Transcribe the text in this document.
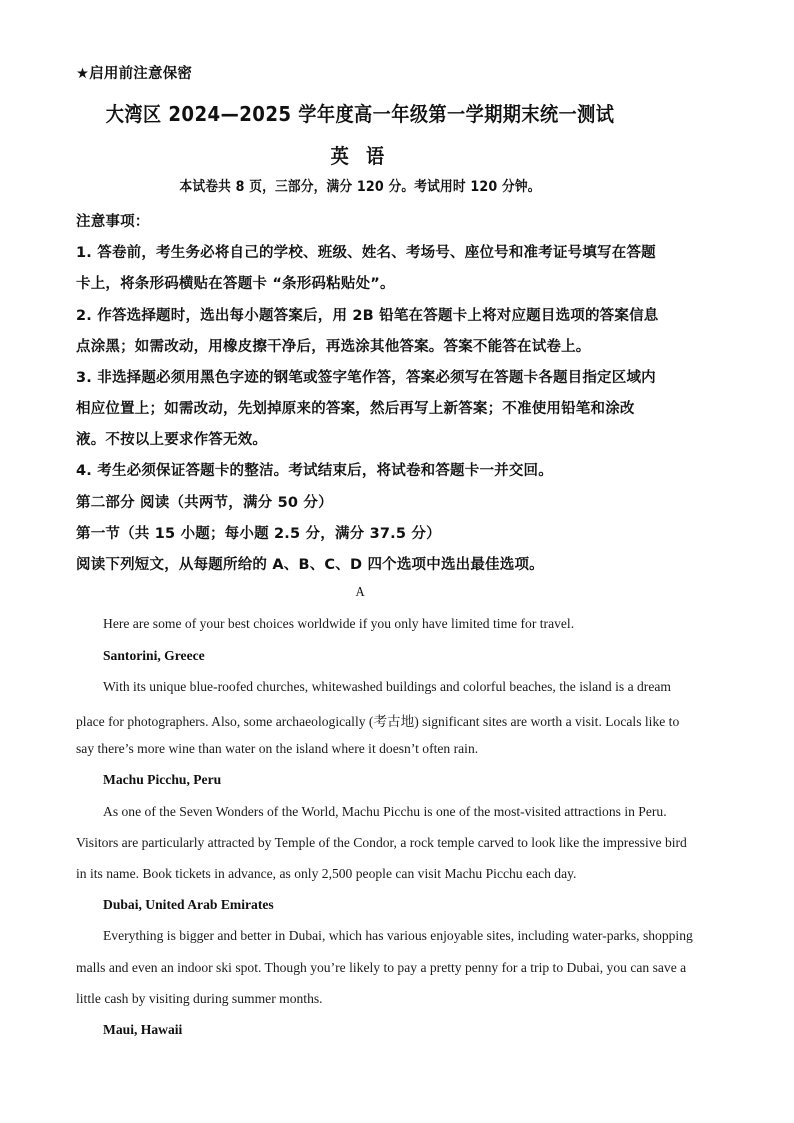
★启用前注意保密
大湾区 2024—2025 学年度高一年级第一学期期末统一测试
英 语
本试卷共 8 页，三部分，满分 120 分。考试用时 120 分钟。
注意事项：
1. 答卷前，考生务必将自己的学校、班级、姓名、考场号、座位号和准考证号填写在答题
卡上，将条形码横贴在答题卡 “条形码粘贴处”。
2. 作答选择题时，选出每小题答案后，用 2B 铅笔在答题卡上将对应题目选项的答案信息
点涂黑；如需改动，用橡皮擦干净后，再选涂其他答案。答案不能答在试卷上。
3. 非选择题必须用黑色字迹的钢笔或签字笔作答，答案必须写在答题卡各题目指定区域内
相应位置上；如需改动，先划掉原来的答案，然后再写上新答案；不准使用铅笔和涂改
液。不按以上要求作答无效。
4. 考生必须保证答题卡的整洁。考试结束后，将试卷和答题卡一并交回。
第二部分 阅读（共两节，满分 50 分）
第一节（共 15 小题；每小题 2.5 分，满分 37.5 分）
阅读下列短文，从每题所给的 A、B、C、D 四个选项中选出最佳选项。
A
Here are some of your best choices worldwide if you only have limited time for travel.
Santorini, Greece
With its unique blue-roofed churches, whitewashed buildings and colorful beaches, the island is a dream
place for photographers. Also, some archaeologically (考古地) significant sites are worth a visit. Locals like to
say there’s more wine than water on the island where it doesn’t often rain.
Machu Picchu, Peru
As one of the Seven Wonders of the World, Machu Picchu is one of the most-visited attractions in Peru.
Visitors are particularly attracted by Temple of the Condor, a rock temple carved to look like the impressive bird
in its name. Book tickets in advance, as only 2,500 people can visit Machu Picchu each day.
Dubai, United Arab Emirates
Everything is bigger and better in Dubai, which has various enjoyable sites, including water-parks, shopping
malls and even an indoor ski spot. Though you’re likely to pay a pretty penny for a trip to Dubai, you can save a
little cash by visiting during summer months.
Maui, Hawaii
